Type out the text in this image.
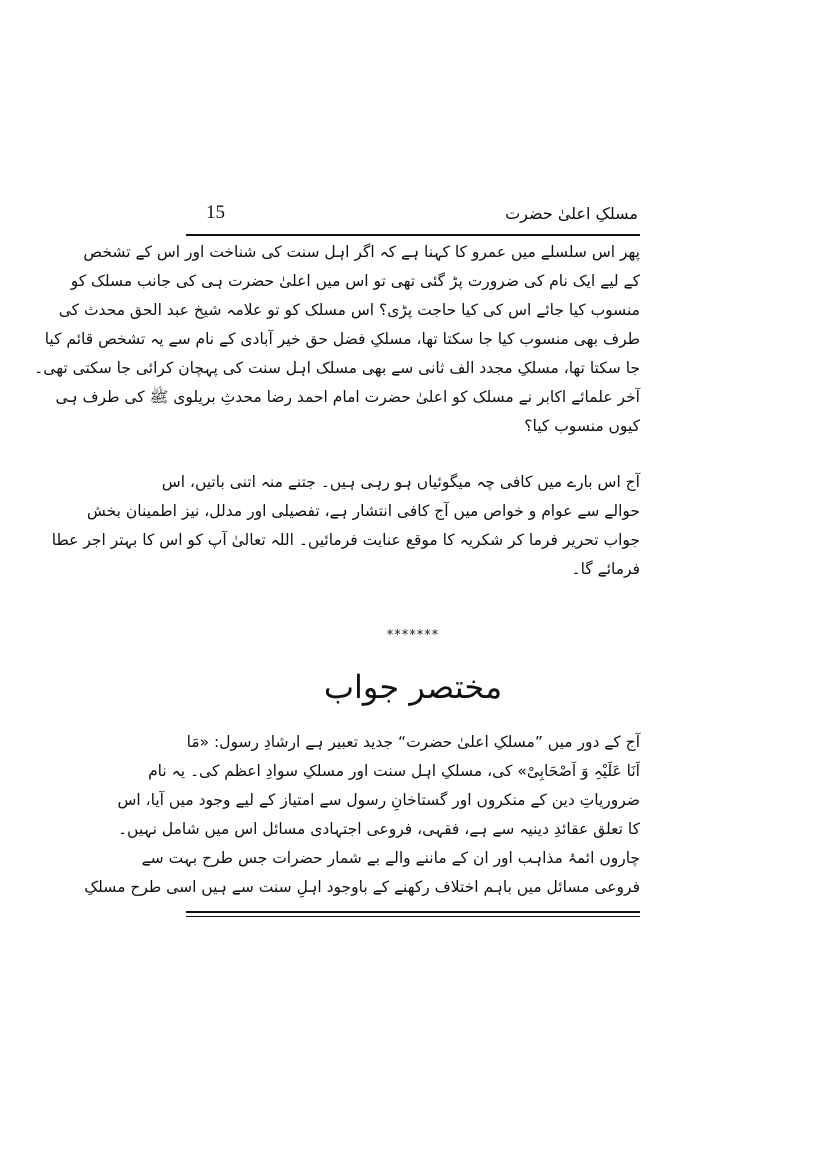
مسلکِ اعلیٰ حضرت
15
پھر اس سلسلے میں عمرو کا کہنا ہے کہ اگر اہل سنت کی شناخت اور اس کے تشخص
کے لیے ایک نام کی ضرورت پڑ گئی تھی تو اس میں اعلیٰ حضرت ہی کی جانب مسلک کو
منسوب کیا جائے اس کی کیا حاجت پڑی؟ اس مسلک کو تو علامہ شیخ عبد الحق محدث کی
طرف بھی منسوب کیا جا سکتا تھا، مسلکِ فضل حق خیر آبادی کے نام سے یہ تشخص قائم کیا
جا سکتا تھا، مسلکِ مجدد الف ثانی سے بھی مسلک اہل سنت کی پہچان کرائی جا سکتی تھی۔
آخر علمائے اکابر نے مسلک کو اعلیٰ حضرت امام احمد رضا محدثِ بریلوی ﷺ کی طرف ہی
کیوں منسوب کیا؟
آج اس بارے میں کافی چہ میگوئیاں ہو رہی ہیں۔ جتنے منہ اتنی باتیں، اس
حوالے سے عوام و خواص میں آج کافی انتشار ہے، تفصیلی اور مدلل، نیز اطمینان بخش
جواب تحریر فرما کر شکریہ کا موقع عنایت فرمائیں۔ اللہ تعالیٰ آپ کو اس کا بہتر اجر عطا
فرمائے گا۔
*******
مختصر جواب
آج کے دور میں ”مسلکِ اعلیٰ حضرت“ جدید تعبیر ہے ارشادِ رسول: «مَا
اَنَا عَلَیْہِ وَ اَصْحَابِیْ» کی، مسلکِ اہل سنت اور مسلکِ سوادِ اعظم کی۔ یہ نام
ضروریاتِ دین کے منکروں اور گستاخانِ رسول سے امتیاز کے لیے وجود میں آیا، اس
کا تعلق عقائدِ دینیہ سے ہے، فقہی، فروعی اجتہادی مسائل اس میں شامل نہیں۔
چاروں ائمۂ مذاہب اور ان کے ماننے والے بے شمار حضرات جس طرح بہت سے
فروعی مسائل میں باہم اختلاف رکھنے کے باوجود اہلِ سنت سے ہیں اسی طرح مسلکِ
